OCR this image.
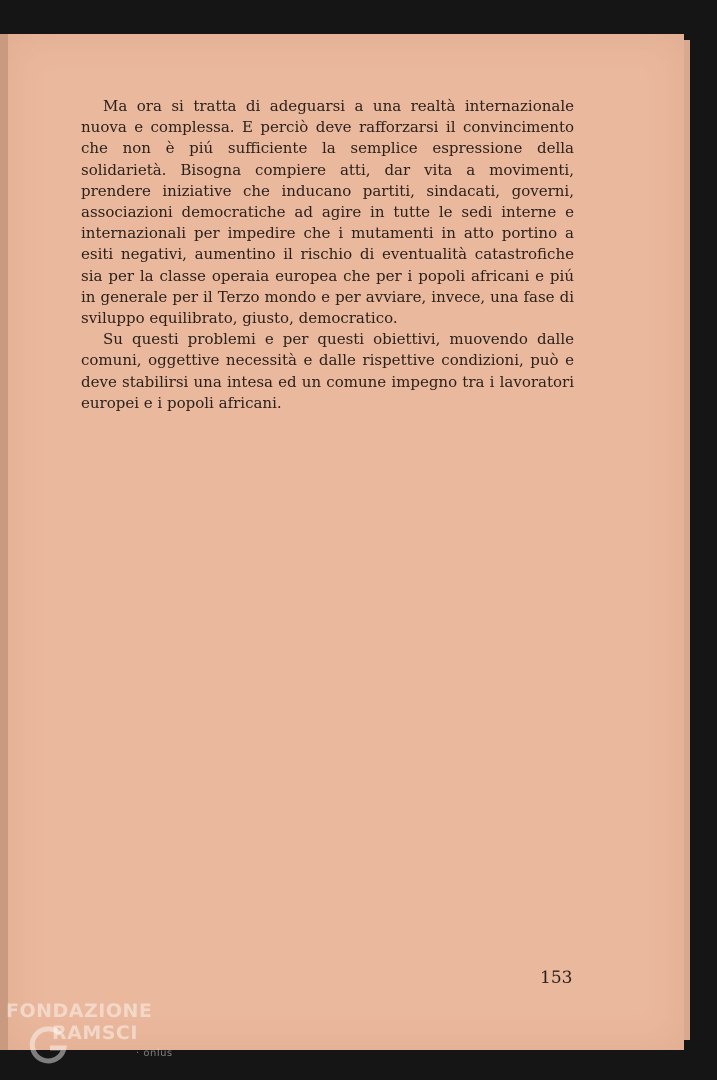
Ma ora si tratta di adeguarsi a una realtà internazionale nuova e complessa. E perciò deve rafforzarsi il convincimento che non è piú sufficiente la semplice espressione della solidarietà. Bisogna compiere atti, dar vita a movimenti, prendere iniziative che inducano partiti, sindacati, governi, associazioni democratiche ad agire in tutte le sedi interne e internazionali per impedire che i mutamenti in atto portino a esiti negativi, aumentino il rischio di eventualità catastrofiche sia per la classe operaia europea che per i popoli africani e piú in generale per il Terzo mondo e per avviare, invece, una fase di sviluppo equilibrato, giusto, democratico.

Su questi problemi e per questi obiettivi, muovendo dalle comuni, oggettive necessità e dalle rispettive condizioni, può e deve stabilirsi una intesa ed un comune impegno tra i lavoratori europei e i popoli africani.

153
FONDAZIONE
RAMSCI
· onlus
